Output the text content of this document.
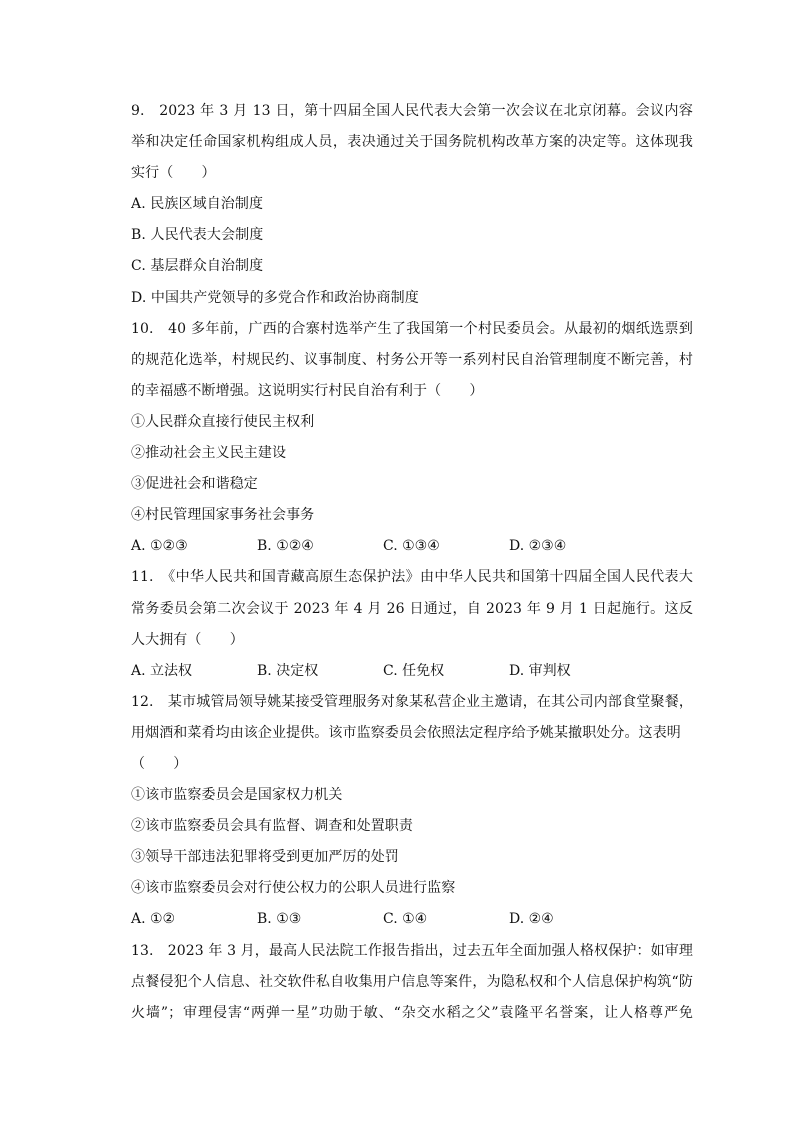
9.　2023 年 3 月 13 日，第十四届全国人民代表大会第一次会议在北京闭幕。会议内容
举和决定任命国家机构组成人员，表决通过关于国务院机构改革方案的决定等。这体现我
实行（　　）
A. 民族区域自治制度
B. 人民代表大会制度
C. 基层群众自治制度
D. 中国共产党领导的多党合作和政治协商制度
10.　40 多年前，广西的合寨村选举产生了我国第一个村民委员会。从最初的烟纸选票到
的规范化选举，村规民约、议事制度、村务公开等一系列村民自治管理制度不断完善，村
的幸福感不断增强。这说明实行村民自治有利于（　　）
①人民群众直接行使民主权利
②推动社会主义民主建设
③促进社会和谐稳定
④村民管理国家事务社会事务
A. ①②③	B. ①②④	C. ①③④	D. ②③④
11.　《中华人民共和国青藏高原生态保护法》由中华人民共和国第十四届全国人民代表大
常务委员会第二次会议于 2023 年 4 月 26 日通过，自 2023 年 9 月 1 日起施行。这反
人大拥有（　　）
A. 立法权	B. 决定权	C. 任免权	D. 审判权
12.　某市城管局领导姚某接受管理服务对象某私营企业主邀请，在其公司内部食堂聚餐，
用烟酒和菜肴均由该企业提供。该市监察委员会依照法定程序给予姚某撤职处分。这表明
（　　）
①该市监察委员会是国家权力机关
②该市监察委员会具有监督、调查和处置职责
③领导干部违法犯罪将受到更加严厉的处罚
④该市监察委员会对行使公权力的公职人员进行监察
A. ①②	B. ①③	C. ①④	D. ②④
13.　2023 年 3 月，最高人民法院工作报告指出，过去五年全面加强人格权保护：如审理
点餐侵犯个人信息、社交软件私自收集用户信息等案件，为隐私权和个人信息保护构筑“防
火墙”；审理侵害“两弹一星”功勋于敏、“杂交水稻之父”袁隆平名誉案，让人格尊严免
